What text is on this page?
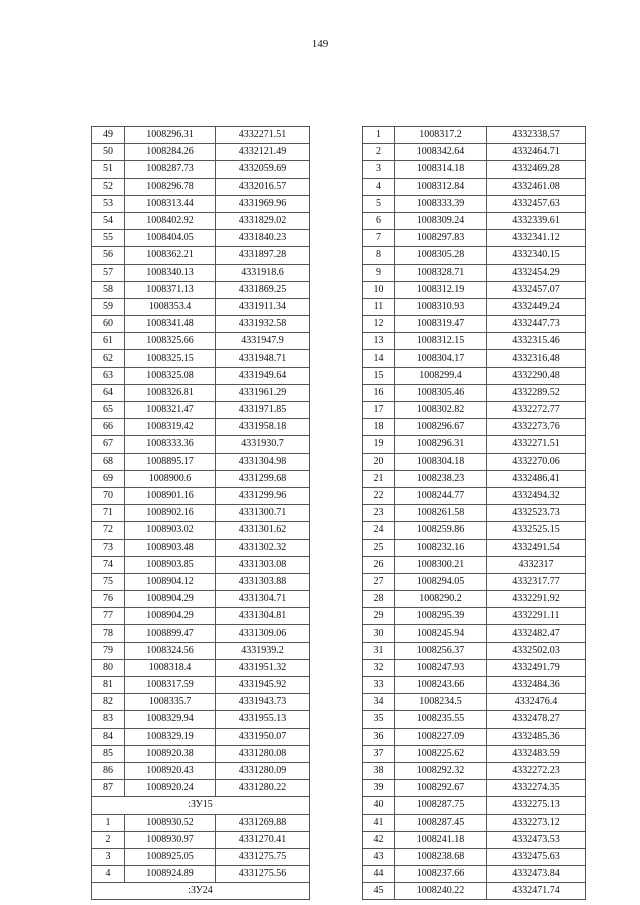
149
49	1008296.31	4332271.51
50	1008284.26	4332121.49
51	1008287.73	4332059.69
52	1008296.78	4332016.57
53	1008313.44	4331969.96
54	1008402.92	4331829.02
55	1008404.05	4331840.23
56	1008362.21	4331897.28
57	1008340.13	4331918.6
58	1008371.13	4331869.25
59	1008353.4	4331911.34
60	1008341.48	4331932.58
61	1008325.66	4331947.9
62	1008325.15	4331948.71
63	1008325.08	4331949.64
64	1008326.81	4331961.29
65	1008321.47	4331971.85
66	1008319.42	4331958.18
67	1008333.36	4331930.7
68	1008895.17	4331304.98
69	1008900.6	4331299.68
70	1008901.16	4331299.96
71	1008902.16	4331300.71
72	1008903.02	4331301.62
73	1008903.48	4331302.32
74	1008903.85	4331303.08
75	1008904.12	4331303.88
76	1008904.29	4331304.71
77	1008904.29	4331304.81
78	1008899.47	4331309.06
79	1008324.56	4331939.2
80	1008318.4	4331951.32
81	1008317.59	4331945.92
82	1008335.7	4331943.73
83	1008329.94	4331955.13
84	1008329.19	4331950.07
85	1008920.38	4331280.08
86	1008920.43	4331280.09
87	1008920.24	4331280.22
:ЗУ15		
1	1008930.52	4331269.88
2	1008930.97	4331270.41
3	1008925.05	4331275.75
4	1008924.89	4331275.56
:ЗУ24		
1	1008317.2	4332338.57
2	1008342.64	4332464.71
3	1008314.18	4332469.28
4	1008312.84	4332461.08
5	1008333.39	4332457.63
6	1008309.24	4332339.61
7	1008297.83	4332341.12
8	1008305.28	4332340.15
9	1008328.71	4332454.29
10	1008312.19	4332457.07
11	1008310.93	4332449.24
12	1008319.47	4332447.73
13	1008312.15	4332315.46
14	1008304.17	4332316.48
15	1008299.4	4332290.48
16	1008305.46	4332289.52
17	1008302.82	4332272.77
18	1008296.67	4332273.76
19	1008296.31	4332271.51
20	1008304.18	4332270.06
21	1008238.23	4332486.41
22	1008244.77	4332494.32
23	1008261.58	4332523.73
24	1008259.86	4332525.15
25	1008232.16	4332491.54
26	1008300.21	4332317
27	1008294.05	4332317.77
28	1008290.2	4332291.92
29	1008295.39	4332291.11
30	1008245.94	4332482.47
31	1008256.37	4332502.03
32	1008247.93	4332491.79
33	1008243.66	4332484.36
34	1008234.5	4332476.4
35	1008235.55	4332478.27
36	1008227.09	4332485.36
37	1008225.62	4332483.59
38	1008292.32	4332272.23
39	1008292.67	4332274.35
40	1008287.75	4332275.13
41	1008287.45	4332273.12
42	1008241.18	4332473.53
43	1008238.68	4332475.63
44	1008237.66	4332473.84
45	1008240.22	4332471.74
